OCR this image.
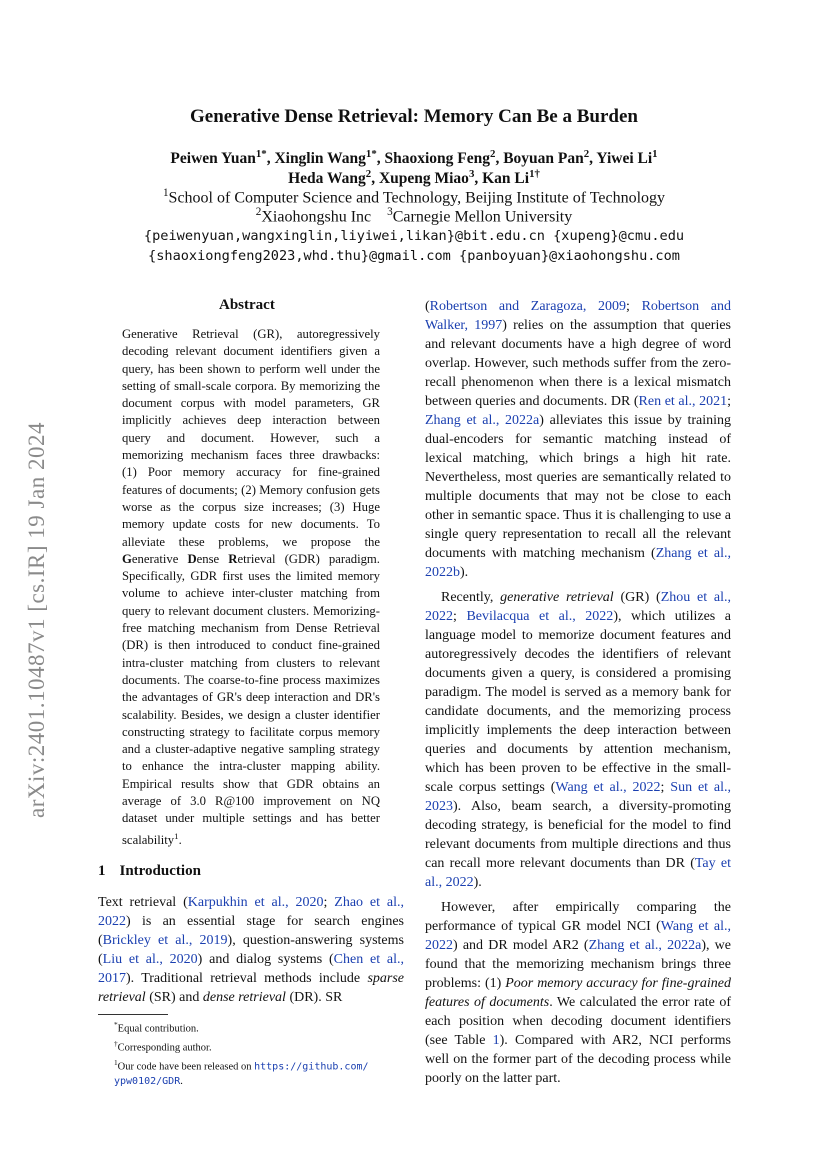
arXiv:2401.10487v1 [cs.IR] 19 Jan 2024
Generative Dense Retrieval: Memory Can Be a Burden
Peiwen Yuan$^{1*}$, Xinglin Wang$^{1*}$, Shaoxiong Feng$^2$, Boyuan Pan$^2$, Yiwei Li$^1$
Heda Wang$^2$, Xupeng Miao$^3$, Kan $Li^{1\dagger}$
$^1$School of Computer Science and Technology, Beijing Institute of Technology
$^2$Xiaohongshu Inc    $^3$Carnegie Mellon University
{peiwenyuan,wangxinglin,liyiwei,likan}@bit.edu.cn {xupeng}@cmu.edu
{shaoxiongfeng2023,whd.thu}@gmail.com {panboyuan}@xiaohongshu.com
Abstract
Generative Retrieval (GR), autoregressively decoding relevant document identifiers given a query, has been shown to perform well under the setting of small-scale corpora. By memorizing the document corpus with model parameters, GR implicitly achieves deep interaction between query and document. However, such a memorizing mechanism faces three drawbacks: (1) Poor memory accuracy for fine-grained features of documents; (2) Memory confusion gets worse as the corpus size increases; (3) Huge memory update costs for new documents. To alleviate these problems, we propose the Generative Dense Retrieval (GDR) paradigm. Specifically, GDR first uses the limited memory volume to achieve inter-cluster matching from query to relevant document clusters. Memorizing-free matching mechanism from Dense Retrieval (DR) is then introduced to conduct fine-grained intra-cluster matching from clusters to relevant documents. The coarse-to-fine process maximizes the advantages of GR's deep interaction and DR's scalability. Besides, we design a cluster identifier constructing strategy to facilitate corpus memory and a cluster-adaptive negative sampling strategy to enhance the intra-cluster mapping ability. Empirical results show that GDR obtains an average of 3.0 R@100 improvement on NQ dataset under multiple settings and has better scalability$^1$.
1 Introduction
Text retrieval (Karpukhin et al., 2020; Zhao et al., 2022) is an essential stage for search engines (Brickley et al., 2019), question-answering systems (Liu et al., 2020) and dialog systems (Chen et al., 2017). Traditional retrieval methods include sparse retrieval (SR) and dense retrieval (DR). SR
*Equal contribution.
†Corresponding author.
$^1$Our code have been released on https://github.com/ ypw0102/GDR.

(Robertson and Zaragoza, 2009; Robertson and Walker, 1997) relies on the assumption that queries and relevant documents have a high degree of word overlap. However, such methods suffer from the zero-recall phenomenon when there is a lexical mismatch between queries and documents. DR (Ren et al., 2021; Zhang et al., 2022a) alleviates this issue by training dual-encoders for semantic matching instead of lexical matching, which brings a high hit rate. Nevertheless, most queries are semantically related to multiple documents that may not be close to each other in semantic space. Thus it is challenging to use a single query representation to recall all the relevant documents with matching mechanism (Zhang et al., 2022b).

Recently, generative retrieval (GR) (Zhou et al., 2022; Bevilacqua et al., 2022), which utilizes a language model to memorize document features and autoregressively decodes the identifiers of relevant documents given a query, is considered a promising paradigm. The model is served as a memory bank for candidate documents, and the memorizing process implicitly implements the deep interaction between queries and documents by attention mechanism, which has been proven to be effective in the small-scale corpus settings (Wang et al., 2022; Sun et al., 2023). Also, beam search, a diversity-promoting decoding strategy, is beneficial for the model to find relevant documents from multiple directions and thus can recall more relevant documents than DR (Tay et al., 2022).

However, after empirically comparing the performance of typical GR model NCI (Wang et al., 2022) and DR model AR2 (Zhang et al., 2022a), we found that the memorizing mechanism brings three problems: (1) Poor memory accuracy for fine-grained features of documents. We calculated the error rate of each position when decoding document identifiers (see Table 1). Compared with AR2, NCI performs well on the former part of the decoding process while poorly on the latter part.
